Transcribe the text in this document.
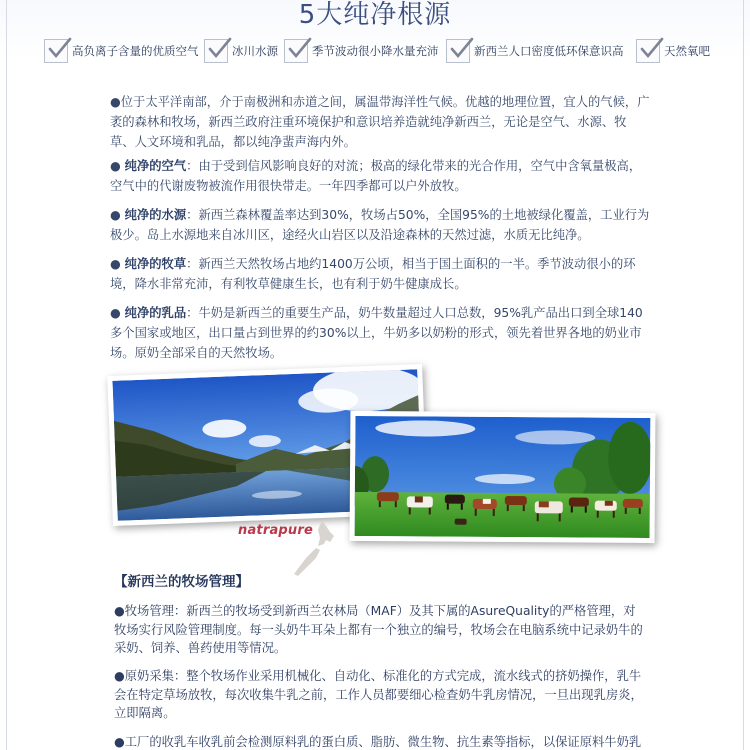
5大纯净根源
高负离子含量的优质空气	冰川水源	季节波动很小降水量充沛	新西兰人口密度低环保意识高	天然氧吧
●位于太平洋南部，介于南极洲和赤道之间，属温带海洋性气候。优越的地理位置，宜人的气候，广袤的森林和牧场，新西兰政府注重环境保护和意识培养造就纯净新西兰，无论是空气、水源、牧草、人文环境和乳品，都以纯净蜚声海内外。
● 纯净的空气：由于受到信风影响良好的对流；极高的绿化带来的光合作用，空气中含氧量极高，空气中的代谢废物被流作用很快带走。一年四季都可以户外放牧。
● 纯净的水源：新西兰森林覆盖率达到30%，牧场占50%，全国95%的土地被绿化覆盖，工业行为极少。岛上水源地来自冰川区，途经火山岩区以及沿途森林的天然过滤，水质无比纯净。
● 纯净的牧草：新西兰天然牧场占地约1400万公顷，相当于国土面积的一半。季节波动很小的环境，降水非常充沛，有利牧草健康生长，也有利于奶牛健康成长。
● 纯净的乳品：牛奶是新西兰的重要生产品，奶牛数量超过人口总数，95%乳产品出口到全球140多个国家或地区，出口量占到世界的约30%以上，牛奶多以奶粉的形式，领先着世界各地的奶业市场。原奶全部采自的天然牧场。
natrapure
【新西兰的牧场管理】
●牧场管理：新西兰的牧场受到新西兰农林局（MAF）及其下属的AsureQuality的严格管理，对牧场实行风险管理制度。每一头奶牛耳朵上都有一个独立的编号，牧场会在电脑系统中记录奶牛的采奶、饲养、兽药使用等情况。
●原奶采集：整个牧场作业采用机械化、自动化、标准化的方式完成，流水线式的挤奶操作，乳牛会在特定草场放牧，每次收集牛乳之前，工作人员都要细心检查奶牛乳房情况，一旦出现乳房炎，立即隔离。
●工厂的收乳车收乳前会检测原料乳的蛋白质、脂肪、微生物、抗生素等指标，以保证原料牛奶乳
